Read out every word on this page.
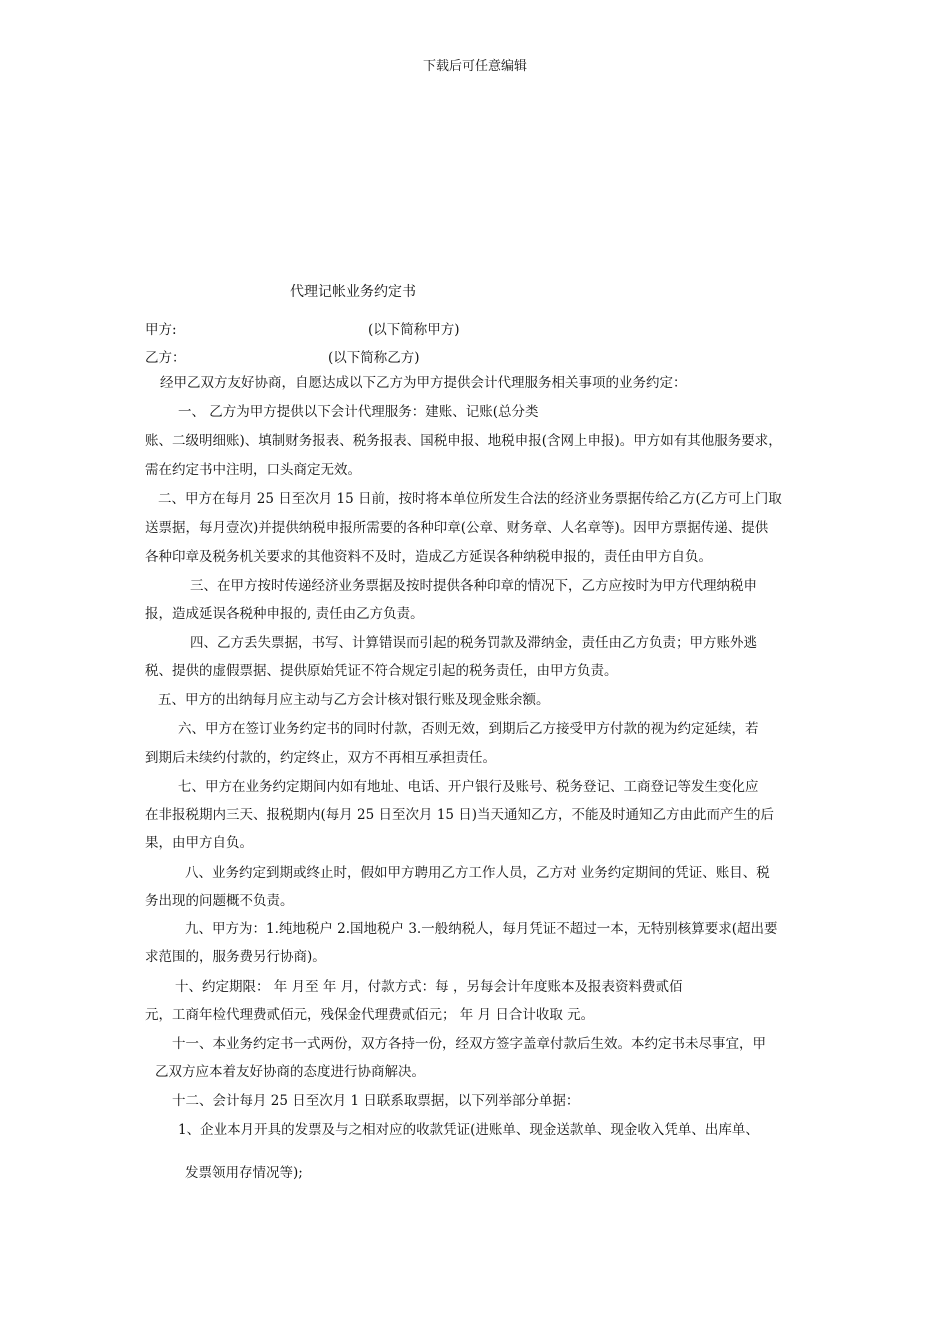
下载后可任意编辑
代理记帐业务约定书
甲方:	(以下简称甲方)
乙方：	(以下简称乙方)
经甲乙双方友好协商，自愿达成以下乙方为甲方提供会计代理服务相关事项的业务约定：
一、 乙方为甲方提供以下会计代理服务：建账、记账(总分类
账、二级明细账)、填制财务报表、税务报表、国税申报、地税申报(含网上申报)。甲方如有其他服务要求，
需在约定书中注明，口头商定无效。
二、甲方在每月 25 日至次月 15 日前，按时将本单位所发生合法的经济业务票据传给乙方(乙方可上门取
送票据，每月壹次)并提供纳税申报所需要的各种印章(公章、财务章、人名章等)。因甲方票据传递、提供
各种印章及税务机关要求的其他资料不及时，造成乙方延误各种纳税申报的，责任由甲方自负。
三、在甲方按时传递经济业务票据及按时提供各种印章的情况下，乙方应按时为甲方代理纳税申
报，造成延误各税种申报的, 责任由乙方负责。
四、乙方丢失票据，书写、计算错误而引起的税务罚款及滞纳金，责任由乙方负责；甲方账外逃
税、提供的虚假票据、提供原始凭证不符合规定引起的税务责任，由甲方负责。
五、甲方的出纳每月应主动与乙方会计核对银行账及现金账余额。
六、甲方在签订业务约定书的同时付款，否则无效，到期后乙方接受甲方付款的视为约定延续，若
到期后未续约付款的，约定终止，双方不再相互承担责任。
七、甲方在业务约定期间内如有地址、电话、开户银行及账号、税务登记、工商登记等发生变化应
在非报税期内三天、报税期内(每月 25 日至次月 15 日)当天通知乙方，不能及时通知乙方由此而产生的后
果，由甲方自负。
八、业务约定到期或终止时，假如甲方聘用乙方工作人员，乙方对 业务约定期间的凭证、账目、税
务出现的问题概不负责。
九、甲方为：1.纯地税户 2.国地税户 3.一般纳税人，每月凭证不超过一本，无特别核算要求(超出要
求范围的，服务费另行协商)。
十、约定期限： 年 月至 年 月，付款方式：每 ，另每会计年度账本及报表资料费贰佰
元，工商年检代理费贰佰元，残保金代理费贰佰元； 年 月 日合计收取 元。
十一、本业务约定书一式两份，双方各持一份，经双方签字盖章付款后生效。本约定书未尽事宜，甲
乙双方应本着友好协商的态度进行协商解决。
十二、会计每月 25 日至次月 1 日联系取票据，以下列举部分单据：
1、企业本月开具的发票及与之相对应的收款凭证(进账单、现金送款单、现金收入凭单、出库单、
发票领用存情况等);
